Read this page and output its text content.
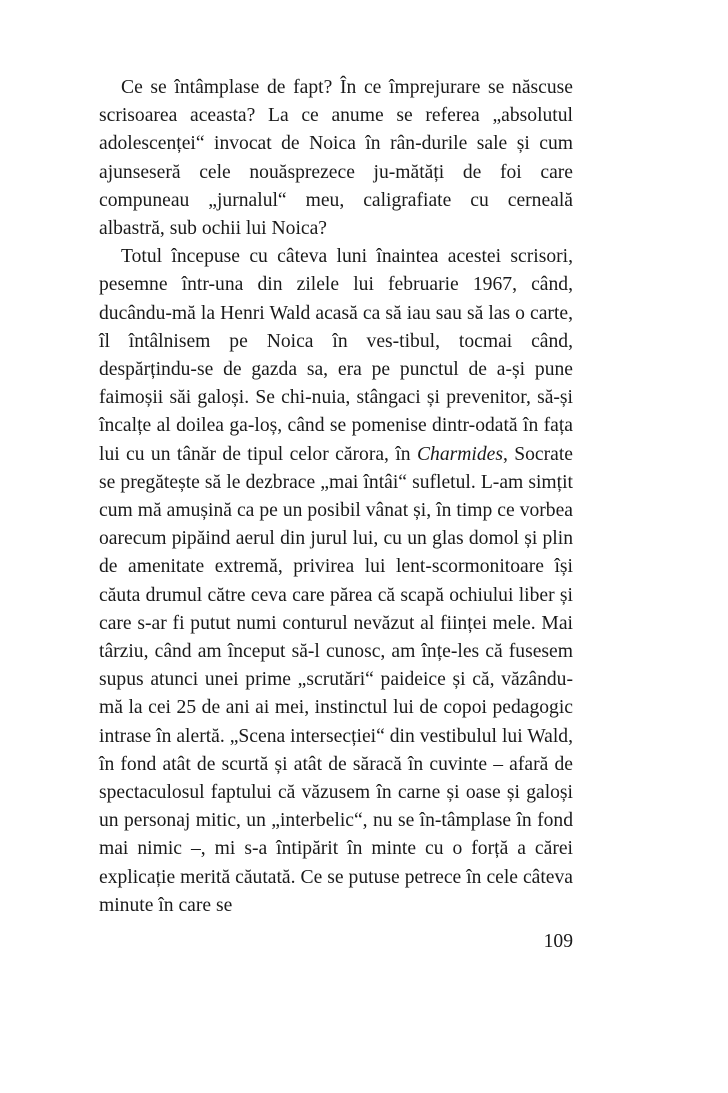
Ce se întâmplase de fapt? În ce împrejurare se născuse scrisoarea aceasta? La ce anume se referea „absolutul adolescenței“ invocat de Noica în rân-durile sale și cum ajunseseră cele nouăsprezece ju-mătăți de foi care compuneau „jurnalul“ meu, caligrafiate cu cerneală albastră, sub ochii lui Noica?

Totul începuse cu câteva luni înaintea acestei scrisori, pesemne într-una din zilele lui februarie 1967, când, ducându-mă la Henri Wald acasă ca să iau sau să las o carte, îl întâlnisem pe Noica în ves-tibul, tocmai când, despărțindu-se de gazda sa, era pe punctul de a-și pune faimoșii săi galoși. Se chi-nuia, stângaci și prevenitor, să-și încalțe al doilea ga-loș, când se pomenise dintr-odată în fața lui cu un tânăr de tipul celor cărora, în Charmides, Socrate se pregătește să le dezbrace „mai întâi“ sufletul. L-am simțit cum mă amușină ca pe un posibil vânat și, în timp ce vorbea oarecum pipăind aerul din jurul lui, cu un glas domol și plin de amenitate extremă, privirea lui lent-scormonitoare își căuta drumul către ceva care părea că scapă ochiului liber și care s-ar fi putut numi conturul nevăzut al ființei mele. Mai târziu, când am început să-l cunosc, am înțe-les că fusesem supus atunci unei prime „scrutări“ paideice și că, văzându-mă la cei 25 de ani ai mei, instinctul lui de copoi pedagogic intrase în alertă. „Scena intersecției“ din vestibulul lui Wald, în fond atât de scurtă și atât de săracă în cuvinte – afară de spectaculosul faptului că văzusem în carne și oase și galoși un personaj mitic, un „interbelic“, nu se în-tâmplase în fond mai nimic –, mi s-a întipărit în minte cu o forță a cărei explicație merită căutată. Ce se putuse petrece în cele câteva minute în care se

109
